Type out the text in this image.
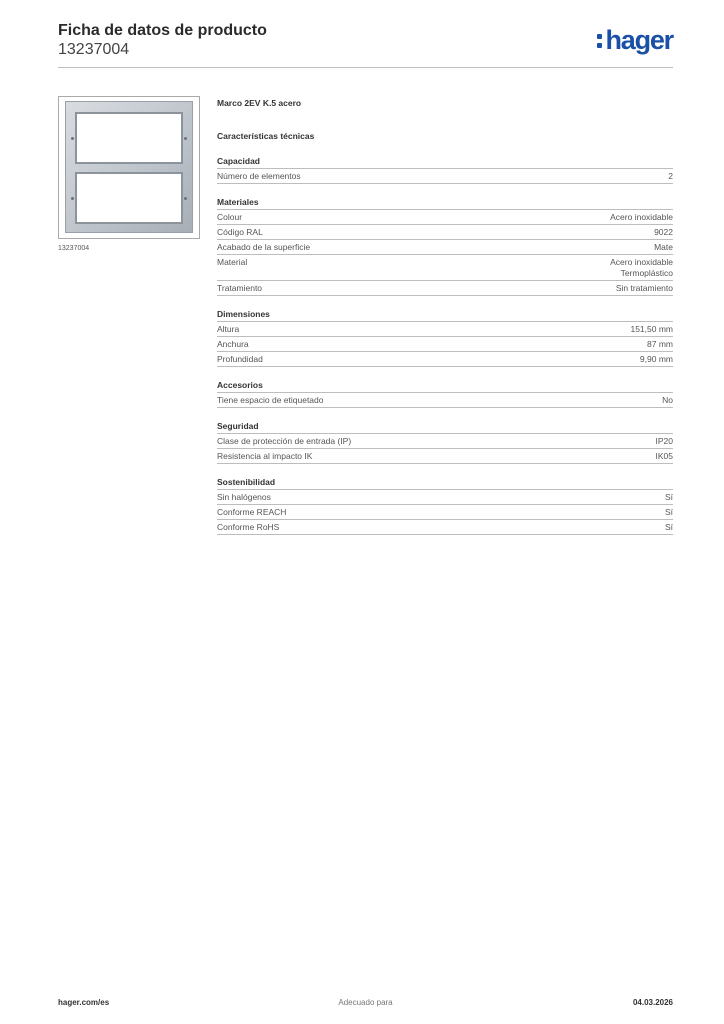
Ficha de datos de producto
13237004	hager
13237004
Marco 2EV K.5 acero
Características técnicas
Capacidad
Número de elementos	2
Materiales
Colour	Acero inoxidable
Código RAL	9022
Acabado de la superficie	Mate
Material	Acero inoxidable
Termoplástico
Tratamiento	Sin tratamiento
Dimensiones
Altura	151,50 mm
Anchura	87 mm
Profundidad	9,90 mm
Accesorios
Tiene espacio de etiquetado	No
Seguridad
Clase de protección de entrada (IP)	IP20
Resistencia al impacto IK	IK05
Sostenibilidad
Sin halógenos	Sí
Conforme REACH	Sí
Conforme RoHS	Sí
hager.com/es	Adecuado para	04.03.2026
